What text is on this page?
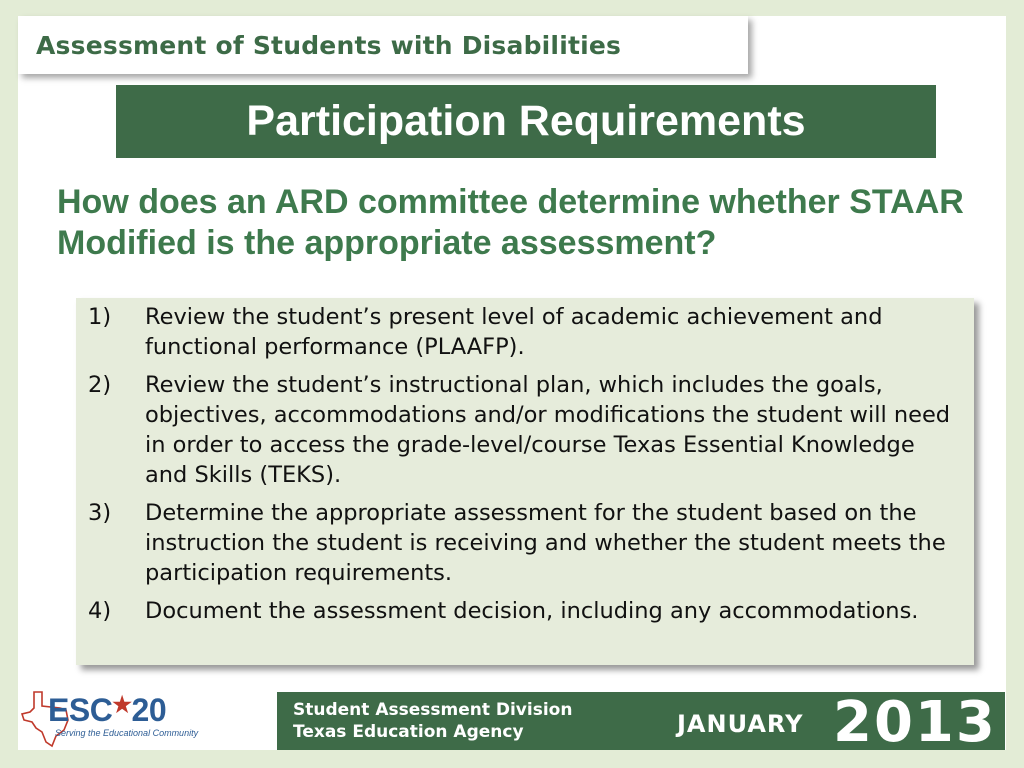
Assessment of Students with Disabilities
Participation Requirements
How does an ARD committee determine whether STAAR Modified is the appropriate assessment?
1)	Review the student’s present level of academic achievement and functional performance (PLAAFP).
2)	Review the student’s instructional plan, which includes the goals, objectives, accommodations and/or modifications the student will need in order to access the grade-level/course Texas Essential Knowledge and Skills (TEKS).
3)	Determine the appropriate assessment for the student based on the instruction the student is receiving and whether the student meets the participation requirements.
4)	Document the assessment decision, including any accommodations.
ESC★20
Serving the Educational Community
Student Assessment Division
Texas Education Agency	JANUARY 2013
